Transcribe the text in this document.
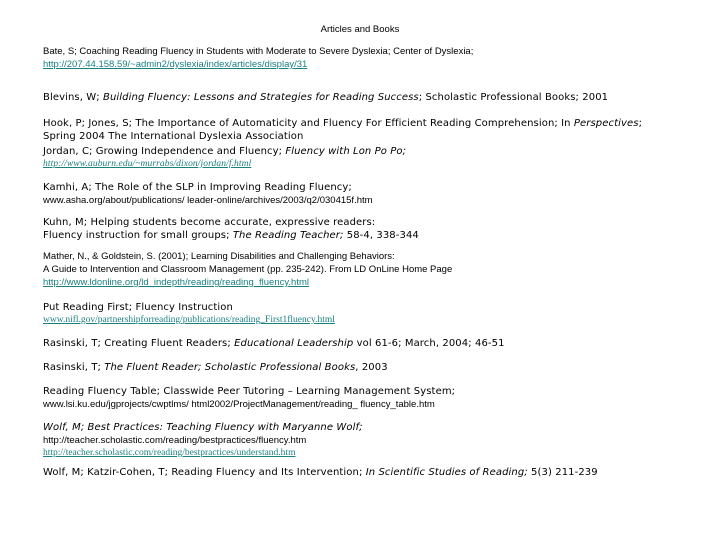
Articles and Books
Bate, S; Coaching Reading Fluency in Students with Moderate to Severe Dyslexia; Center of Dyslexia;
http://207.44.158.59/~admin2/dyslexia/index/articles/display/31
Blevins, W; Building Fluency: Lessons and Strategies for Reading Success; Scholastic Professional Books; 2001
Hook, P; Jones, S; The Importance of Automaticity and Fluency For Efficient Reading Comprehension; In Perspectives;
Spring 2004 The International Dyslexia Association
Jordan, C; Growing Independence and Fluency; Fluency with Lon Po Po;
http://www.auburn.edu/~murrabs/dixon/jordan/f.html
Kamhi, A; The Role of the SLP in Improving Reading Fluency;
www.asha.org/about/publications/ leader-online/archives/2003/q2/030415f.htm
Kuhn, M; Helping students become accurate, expressive readers:
Fluency instruction for small groups; The Reading Teacher; 58-4, 338-344
Mather, N., & Goldstein, S. (2001); Learning Disabilities and Challenging Behaviors:
A Guide to Intervention and Classroom Management (pp. 235-242). From LD OnLine Home Page
http://www.ldonline.org/ld_indepth/reading/reading_fluency.html
Put Reading First; Fluency Instruction
www.nifl.gov/partnershipforreading/publications/reading_First1fluency.html
Rasinski, T; Creating Fluent Readers; Educational Leadership vol 61-6; March, 2004; 46-51
Rasinski, T; The Fluent Reader; Scholastic Professional Books, 2003
Reading Fluency Table; Classwide Peer Tutoring – Learning Management System;
www.lsi.ku.edu/jgprojects/cwptlms/ html2002/ProjectManagement/reading_ fluency_table.htm
Wolf, M; Best Practices: Teaching Fluency with Maryanne Wolf;
http://teacher.scholastic.com/reading/bestpractices/fluency.htm
http://teacher.scholastic.com/reading/bestpractices/understand.htm
Wolf, M; Katzir-Cohen, T; Reading Fluency and Its Intervention; In Scientific Studies of Reading; 5(3) 211-239
